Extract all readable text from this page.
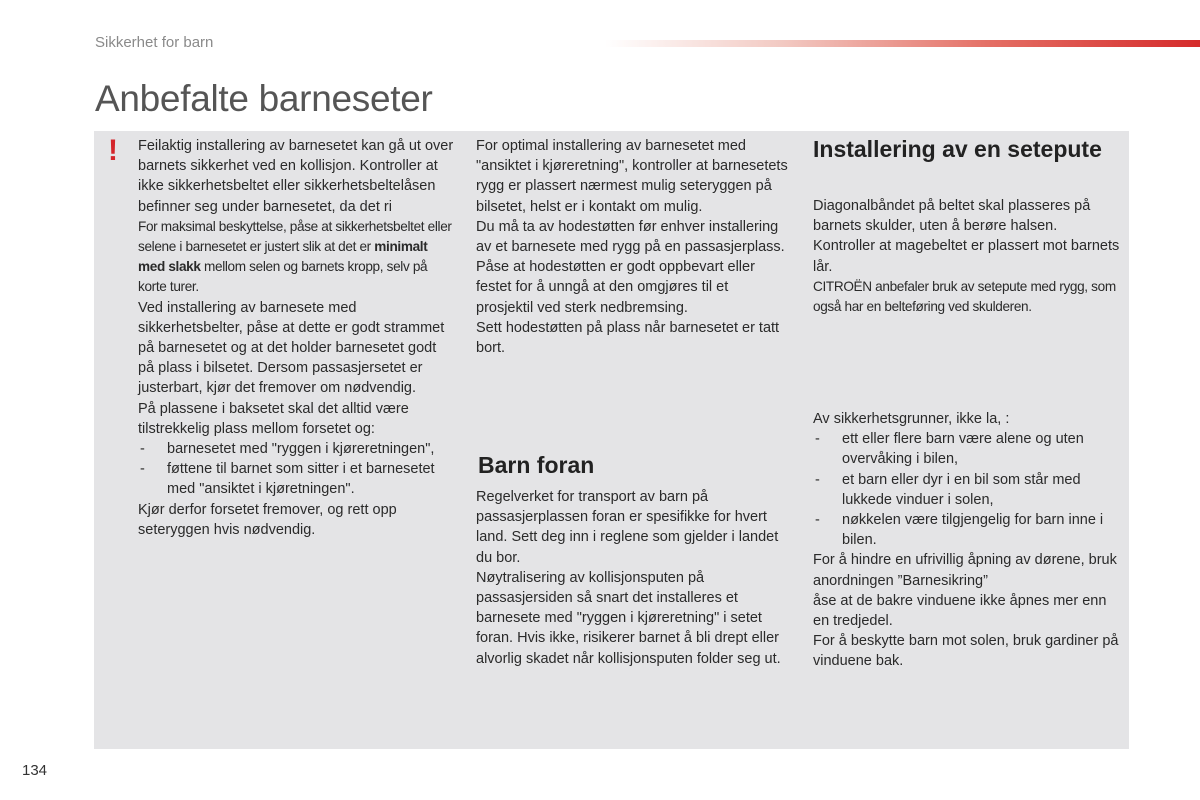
Sikkerhet for barn
Anbefalte barneseter
! Feilaktig installering av barnesetet kan gå ut over barnets sikkerhet ved en kollisjon. Kontroller at ikke sikkerhetsbeltet eller sikkerhetsbeltelåsen befinner seg under barnesetet, da det ri

For maksimal beskyttelse, påse at sikkerhetsbeltet eller selene i barnesetet er justert slik at det er minimalt med slakk mellom selen og barnets kropp, selv på korte turer.

Ved installering av barnesete med sikkerhetsbelter, påse at dette er godt strammet på barnesetet og at det holder barnesetet godt på plass i bilsetet. Dersom passasjersetet er justerbart, kjør det fremover om nødvendig.

På plassene i baksetet skal det alltid være tilstrekkelig plass mellom forsetet og:

- barnesetet med "ryggen i kjøreretningen",
- føttene til barnet som sitter i et barnesetet med "ansiktet i kjøretningen".

Kjør derfor forsetet fremover, og rett opp seteryggen hvis nødvendig.

For optimal installering av barnesetet med "ansiktet i kjøreretning", kontroller at barnesetets rygg er plassert nærmest mulig seteryggen på bilsetet, helst er i kontakt om mulig.

Du må ta av hodestøtten før enhver installering av et barnesete med rygg på en passasjerplass.

Påse at hodestøtten er godt oppbevart eller festet for å unngå at den omgjøres til et prosjektil ved sterk nedbremsing.

Sett hodestøtten på plass når barnesetet er tatt bort.

Barn foran

Regelverket for transport av barn på passasjerplassen foran er spesifikke for hvert land. Sett deg inn i reglene som gjelder i landet du bor.

Nøytralisering av kollisjonsputen på passasjersiden så snart det installeres et barnesete med "ryggen i kjøreretning" i setet foran. Hvis ikke, risikerer barnet å bli drept eller alvorlig skadet når kollisjonsputen folder seg ut.

Installering av en setepute

Diagonalbåndet på beltet skal plasseres på barnets skulder, uten å berøre halsen.

Kontroller at magebeltet er plassert mot barnets lår.

CITROËN anbefaler bruk av setepute med rygg, som også har en belteføring ved skulderen.

Av sikkerhetsgrunner, ikke la, :

- ett eller flere barn være alene og uten overvåking i bilen,
- et barn eller dyr i en bil som står med lukkede vinduer i solen,
- nøkkelen være tilgjengelig for barn inne i bilen.

For å hindre en ufrivillig åpning av dørene, bruk anordningen ”Barnesikring”

åse at de bakre vinduene ikke åpnes mer enn en tredjedel.

For å beskytte barn mot solen, bruk gardiner på vinduene bak.

134
